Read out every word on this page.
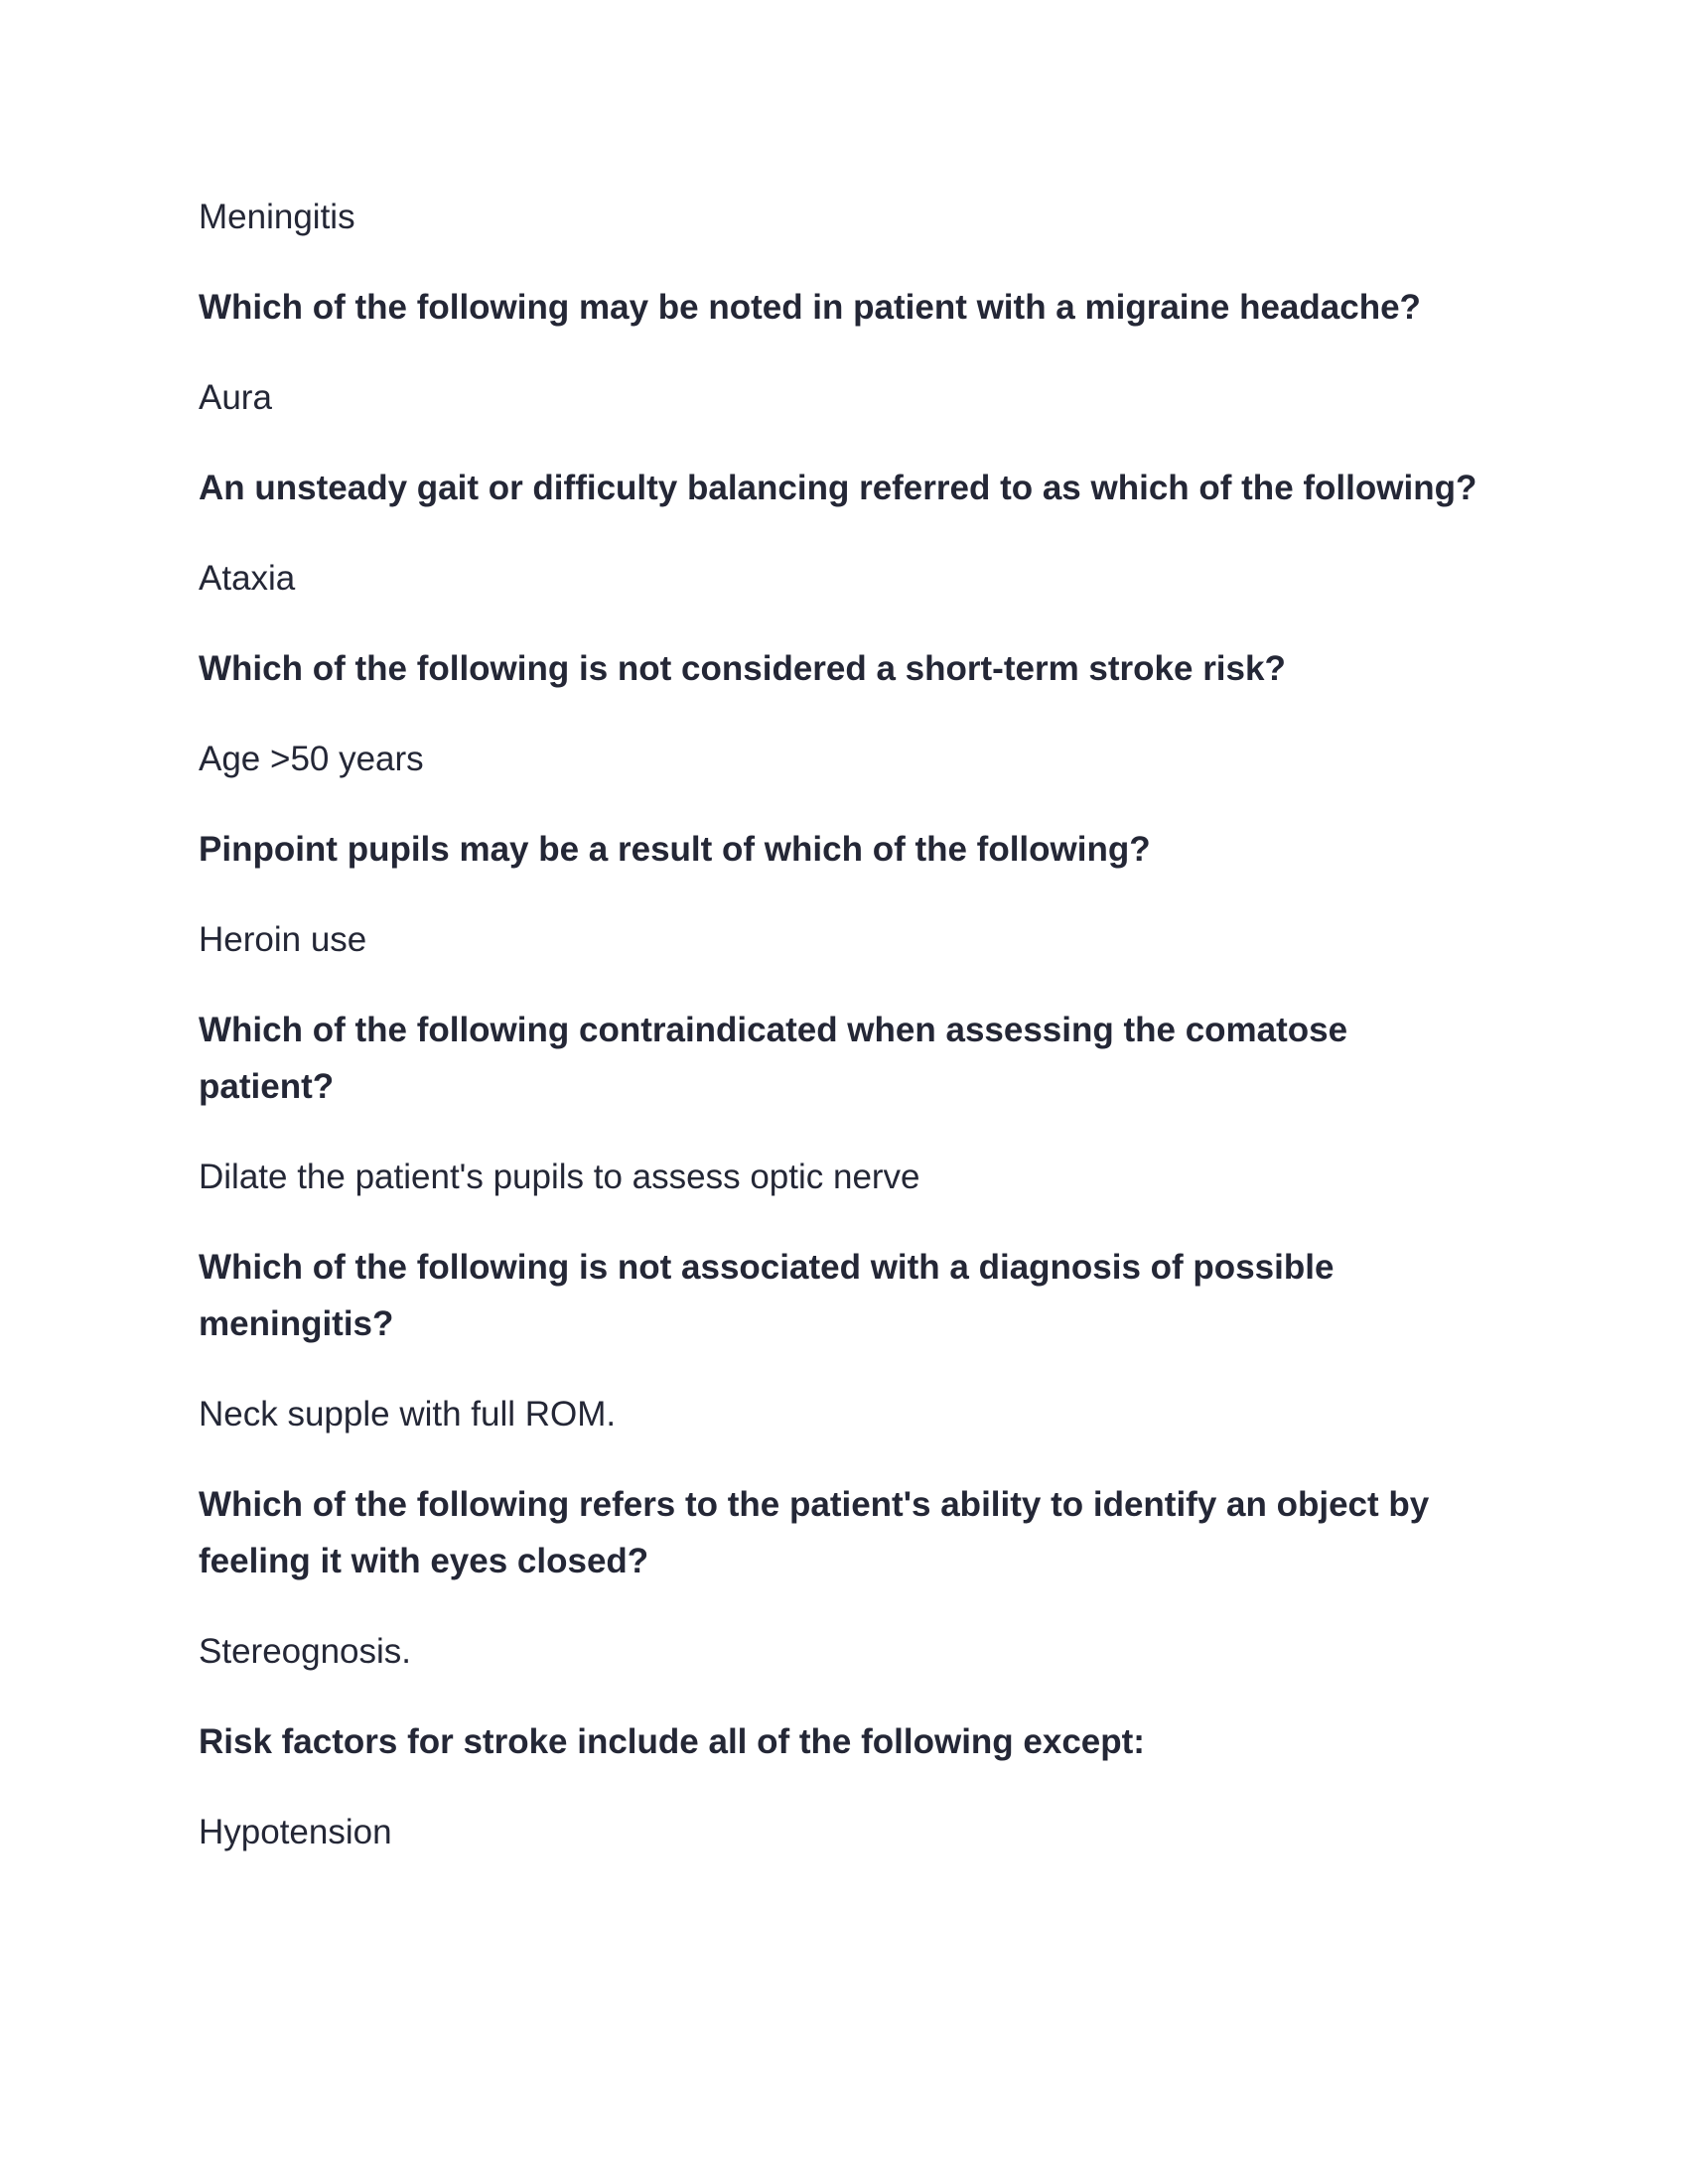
Meningitis

Which of the following may be noted in patient with a migraine headache?

Aura

An unsteady gait or difficulty balancing referred to as which of the following?

Ataxia

Which of the following is not considered a short-term stroke risk?

Age >50 years

Pinpoint pupils may be a result of which of the following?

Heroin use

Which of the following contraindicated when assessing the comatose patient?

Dilate the patient's pupils to assess optic nerve

Which of the following is not associated with a diagnosis of possible meningitis?

Neck supple with full ROM.

Which of the following refers to the patient's ability to identify an object by feeling it with eyes closed?

Stereognosis.

Risk factors for stroke include all of the following except:

Hypotension
